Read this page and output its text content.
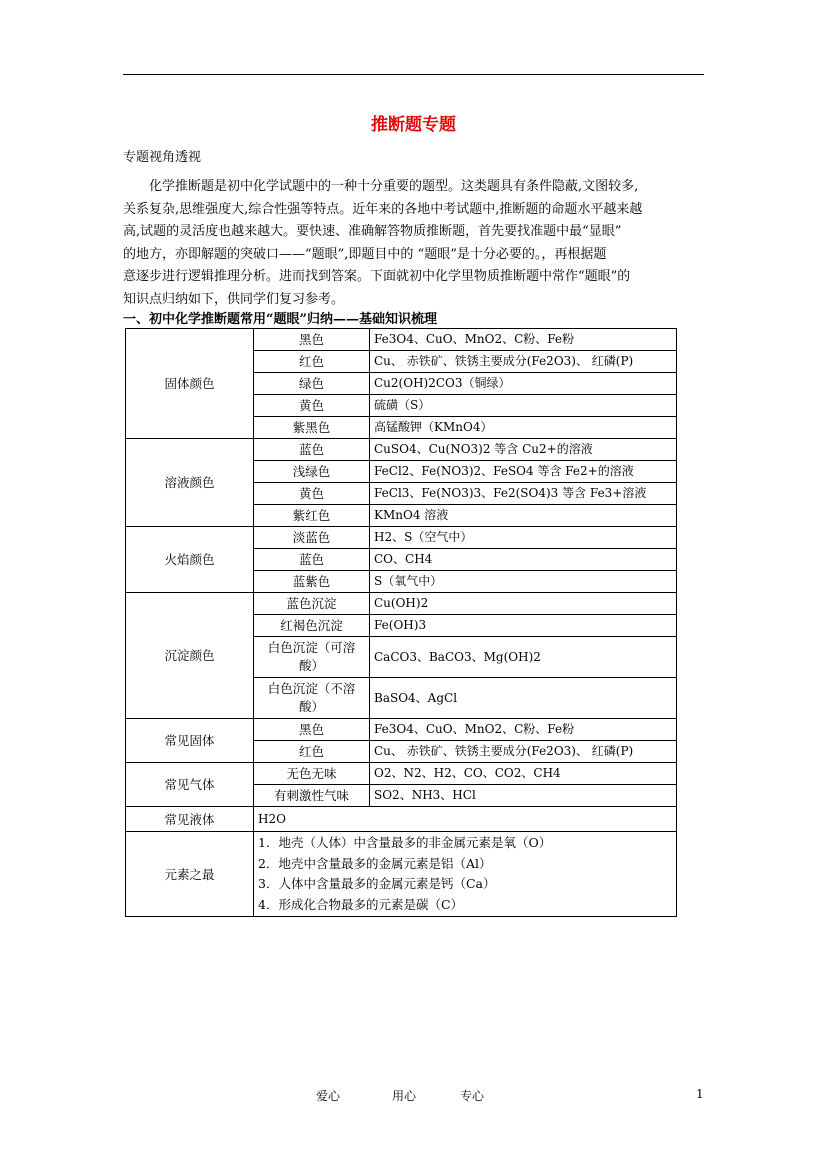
推断题专题
专题视角透视
化学推断题是初中化学试题中的一种十分重要的题型。这类题具有条件隐蔽,文图较多,
关系复杂,思维强度大,综合性强等特点。近年来的各地中考试题中,推断题的命题水平越来越
高,试题的灵活度也越来越大。要快速、准确解答物质推断题，首先要找准题中最“显眼”
的地方，亦即解题的突破口——“题眼”,即题目中的 “题眼”是十分必要的。，再根据题
意逐步进行逻辑推理分析。进而找到答案。下面就初中化学里物质推断题中常作“题眼”的
知识点归纳如下，供同学们复习参考。
一、初中化学推断题常用“题眼”归纳——基础知识梳理
固体颜色	黑色	Fe3O4、CuO、MnO2、C粉、Fe粉
	红色	Cu、 赤铁矿、铁锈主要成分(Fe2O3)、 红磷(P)
	绿色	Cu2(OH)2CO3（铜绿）
	黄色	硫磺（S）
	紫黑色	高锰酸钾（KMnO4）
溶液颜色	蓝色	CuSO4、Cu(NO3)2 等含 Cu2+的溶液
	浅绿色	FeCl2、Fe(NO3)2、FeSO4 等含 Fe2+的溶液
	黄色	FeCl3、Fe(NO3)3、Fe2(SO4)3 等含 Fe3+溶液
	紫红色	KMnO4 溶液
火焰颜色	淡蓝色	H2、S（空气中）
	蓝色	CO、CH4
	蓝紫色	S（氧气中）
沉淀颜色	蓝色沉淀	Cu(OH)2
	红褐色沉淀	Fe(OH)3
	白色沉淀（可溶
酸）	CaCO3、BaCO3、Mg(OH)2
	白色沉淀（不溶
酸）	BaSO4、AgCl
常见固体	黑色	Fe3O4、CuO、MnO2、C粉、Fe粉
	红色	Cu、 赤铁矿、铁锈主要成分(Fe2O3)、 红磷(P)
常见气体	无色无味	O2、N2、H2、CO、CO2、CH4
	有刺激性气味	SO2、NH3、HCl
常见液体	H2O	
元素之最	1．地壳（人体）中含量最多的非金属元素是氧（O）
2．地壳中含量最多的金属元素是铝（Al）
3．人体中含量最多的金属元素是钙（Ca）
4．形成化合物最多的元素是碳（C）	
爱心	用心	专心	1
